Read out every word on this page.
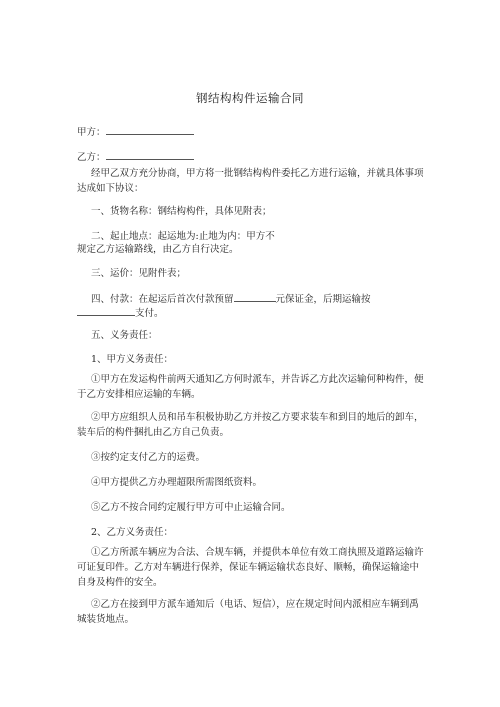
钢结构构件运输合同
甲方：
乙方：
经甲乙双方充分协商，甲方将一批钢结构构件委托乙方进行运输，并就具体事项达成如下协议：
一、货物名称：钢结构构件，具体见附表；
二、起止地点：起运地为:止地为内：甲方不
规定乙方运输路线，由乙方自行决定。
三、运价：见附件表；
四、付款：在起运后首次付款预留	元保证金，后期运输按
支付。
五、义务责任：
1、甲方义务责任：
①甲方在发运构件前两天通知乙方何时派车，并告诉乙方此次运输何种构件，便于乙方安排相应运输的车辆。
②甲方应组织人员和吊车积极协助乙方并按乙方要求装车和到目的地后的卸车，装车后的构件捆扎由乙方自己负责。
③按约定支付乙方的运费。
④甲方提供乙方办理超限所需图纸资料。
⑤乙方不按合同约定履行甲方可中止运输合同。
2、乙方义务责任：
①乙方所派车辆应为合法、合规车辆，并提供本单位有效工商执照及道路运输许可证复印件。乙方对车辆进行保养，保证车辆运输状态良好、顺畅，确保运输途中自身及构件的安全。
②乙方在接到甲方派车通知后（电话、短信），应在规定时间内派相应车辆到禹城装货地点。
